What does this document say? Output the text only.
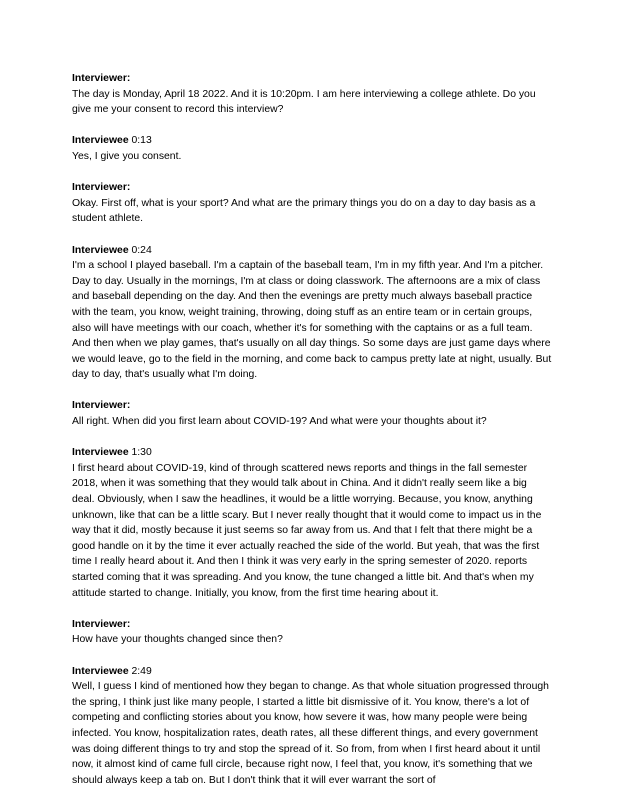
Interviewer:
The day is Monday, April 18 2022. And it is 10:20pm. I am here interviewing a college athlete. Do you give me your consent to record this interview?
Interviewee 0:13
Yes, I give you consent.
Interviewer:
Okay. First off, what is your sport? And what are the primary things you do on a day to day basis as a student athlete.
Interviewee 0:24
I'm a school I played baseball. I'm a captain of the baseball team, I'm in my fifth year. And I'm a pitcher. Day to day. Usually in the mornings, I'm at class or doing classwork. The afternoons are a mix of class and baseball depending on the day. And then the evenings are pretty much always baseball practice with the team, you know, weight training, throwing, doing stuff as an entire team or in certain groups, also will have meetings with our coach, whether it's for something with the captains or as a full team. And then when we play games, that's usually on all day things. So some days are just game days where we would leave, go to the field in the morning, and come back to campus pretty late at night, usually. But day to day, that's usually what I'm doing.
Interviewer:
All right. When did you first learn about COVID-19? And what were your thoughts about it?
Interviewee 1:30
I first heard about COVID-19, kind of through scattered news reports and things in the fall semester 2018, when it was something that they would talk about in China. And it didn't really seem like a big deal. Obviously, when I saw the headlines, it would be a little worrying. Because, you know, anything unknown, like that can be a little scary. But I never really thought that it would come to impact us in the way that it did, mostly because it just seems so far away from us. And that I felt that there might be a good handle on it by the time it ever actually reached the side of the world. But yeah, that was the first time I really heard about it. And then I think it was very early in the spring semester of 2020. reports started coming that it was spreading. And you know, the tune changed a little bit. And that's when my attitude started to change. Initially, you know, from the first time hearing about it.
Interviewer:
How have your thoughts changed since then?
Interviewee 2:49
Well, I guess I kind of mentioned how they began to change. As that whole situation progressed through the spring, I think just like many people, I started a little bit dismissive of it. You know, there's a lot of competing and conflicting stories about you know, how severe it was, how many people were being infected. You know, hospitalization rates, death rates, all these different things, and every government was doing different things to try and stop the spread of it. So from, from when I first heard about it until now, it almost kind of came full circle, because right now, I feel that, you know, it's something that we should always keep a tab on. But I don't think that it will ever warrant the sort of
